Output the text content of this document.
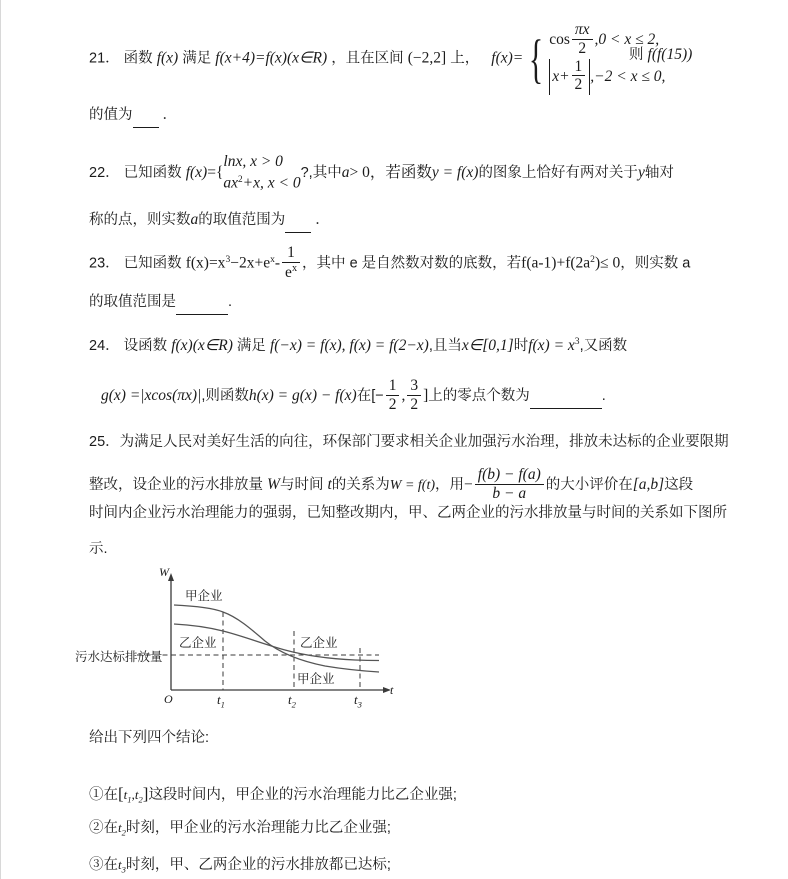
21． 函数 f(x) 满足 f(x+4)=f(x)(x∈R) ，且在区间 (−2,2] 上， f(x)= { $\cos \frac{\pi x}{2} ,0 < x \le 2$,
$x+ \frac{1}{2} ,-2 < x \le 0$,
则 f(f(15))
的值为 ．
22． 已知函数 f(x)={
lnx, x > 0
$ax^2+x$, x < 0
?,其中a> 0，若函数y = f(x)的图象上恰好有两对关于y轴对
称的点，则实数a的取值范围为 ．
23． 已知函数 $f(x)=x^3-2x+e^x- \frac{1}{e^x}$ ，其中 e 是自然数对数的底数，若$f(a-1)+f(2a^2)\le 0$，则实数 a
的取值范围是	.
24． 设函数 f(x)(x∈R) 满足 f(−x) = f(x), f(x) = f(2−x),且当x∈[0,1]时$f(x) = x^3$,又函数
g(x) =|xcos(πx)|,则函数h(x) = g(x) − f(x)在[− $\frac{1}{2}$ , $\frac{3}{2}$ ]上的零点个数为	.
25．为满足人民对美好生活的向往，环保部门要求相关企业加强污水治理，排放未达标的企业要限期
整改，设企业的污水排放量 W与时间 t的关系为W = f(t)，用− $\frac{f(b) - f(a)}{b - a}$ 的大小评价在[a,b]这段
时间内企业污水治理能力的强弱，已知整改期内，甲、乙两企业的污水排放量与时间的关系如下图所
示.
W
t
O	$t_1$	$t_2$	$t_3$
污水达标排放量
甲企业
乙企业	乙企业
甲企业
给出下列四个结论:
①在$[t_1,t_2]$这段时间内，甲企业的污水治理能力比乙企业强;
②在$t_2$时刻，甲企业的污水治理能力比乙企业强;
③在$t_3$时刻，甲、乙两企业的污水排放都已达标;
